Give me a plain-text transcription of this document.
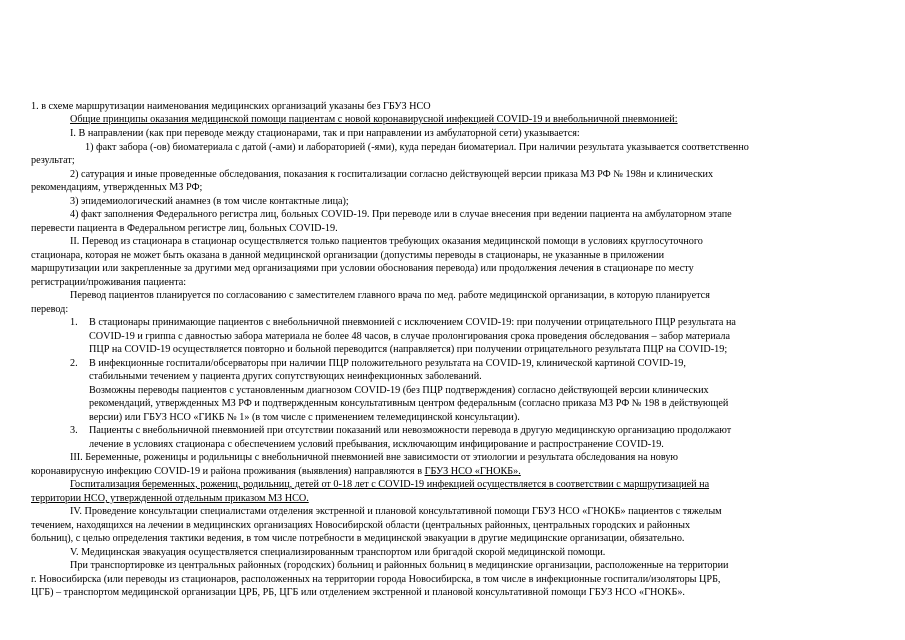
1. в схеме маршрутизации наименования медицинских организаций указаны без ГБУЗ НСО
Общие принципы оказания медицинской помощи пациентам с новой коронавирусной инфекцией COVID-19 и внебольничной пневмонией:
I. В направлении (как при переводе между стационарами, так и при направлении из амбулаторной сети) указывается:
1) факт забора (-ов) биоматериала с датой (-ами) и лабораторией (-ями), куда передан биоматериал. При наличии результата указывается соответственно
результат;
2) сатурация и иные проведенные обследования, показания к госпитализации согласно действующей версии приказа МЗ РФ № 198н и клинических
рекомендациям, утвержденных МЗ РФ;
3) эпидемиологический анамнез (в том числе контактные лица);
4) факт заполнения Федерального регистра лиц, больных COVID-19. При переводе или в случае внесения при ведении пациента на амбулаторном этапе
перевести пациента в Федеральном регистре лиц, больных COVID-19.
II. Перевод из стационара в стационар осуществляется только пациентов требующих оказания медицинской помощи в условиях круглосуточного
стационара, которая не может быть оказана в данной медицинской организации (допустимы переводы в стационары, не указанные в приложении
маршрутизации или закрепленные за другими мед организациями при условии обоснования перевода) или продолжения лечения в стационаре по месту
регистрации/проживания пациента:
Перевод пациентов планируется по согласованию с заместителем главного врача по мед. работе медицинской организации, в которую планируется
перевод:
1. В стационары принимающие пациентов с внебольничной пневмонией с исключением COVID-19: при получении отрицательного ПЦР результата на
COVID-19 и гриппа с давностью забора материала не более 48 часов, в случае пролонгирования срока проведения обследования – забор материала
ПЦР на COVID-19 осуществляется повторно и больной переводится (направляется) при получении отрицательного результата ПЦР на COVID-19;
2. В инфекционные госпитали/обсерваторы при наличии ПЦР положительного результата на COVID-19, клинической картиной COVID-19,
стабильными течением у пациента других сопутствующих неинфекционных заболеваний.
Возможны переводы пациентов с установленным диагнозом COVID-19 (без ПЦР подтверждения) согласно действующей версии клинических
рекомендаций, утвержденных МЗ РФ и подтвержденным консультативным центром федеральным (согласно приказа МЗ РФ № 198 в действующей
версии) или ГБУЗ НСО «ГИКБ № 1» (в том числе с применением телемедицинской консультации).
3. Пациенты с внебольничной пневмонией при отсутствии показаний или невозможности перевода в другую медицинскую организацию продолжают
лечение в условиях стационара с обеспечением условий пребывания, исключающим инфицирование и распространение COVID-19.
III. Беременные, роженицы и родильницы с внебольничной пневмонией вне зависимости от этиологии и результата обследования на новую
коронавирусную инфекцию COVID-19 и района проживания (выявления) направляются в ГБУЗ НСО «ГНОКБ».
Госпитализация беременных, рожениц, родильниц, детей от 0-18 лет с COVID-19 инфекцией осуществляется в соответствии с маршрутизацией на
территории НСО, утвержденной отдельным приказом МЗ НСО.
IV. Проведение консультации специалистами отделения экстренной и плановой консультативной помощи ГБУЗ НСО «ГНОКБ» пациентов с тяжелым
течением, находящихся на лечении в медицинских организациях Новосибирской области (центральных районных, центральных городских и районных
больниц), с целью определения тактики ведения, в том числе потребности в медицинской эвакуации в другие медицинские организации, обязательно.
V. Медицинская эвакуация осуществляется специализированным транспортом или бригадой скорой медицинской помощи.
При транспортировке из центральных районных (городских) больниц и районных больниц в медицинские организации, расположенные на территории
г. Новосибирска (или переводы из стационаров, расположенных на территории города Новосибирска, в том числе в инфекционные госпитали/изоляторы ЦРБ,
ЦГБ) – транспортом медицинской организации ЦРБ, РБ, ЦГБ или отделением экстренной и плановой консультативной помощи ГБУЗ НСО «ГНОКБ».
